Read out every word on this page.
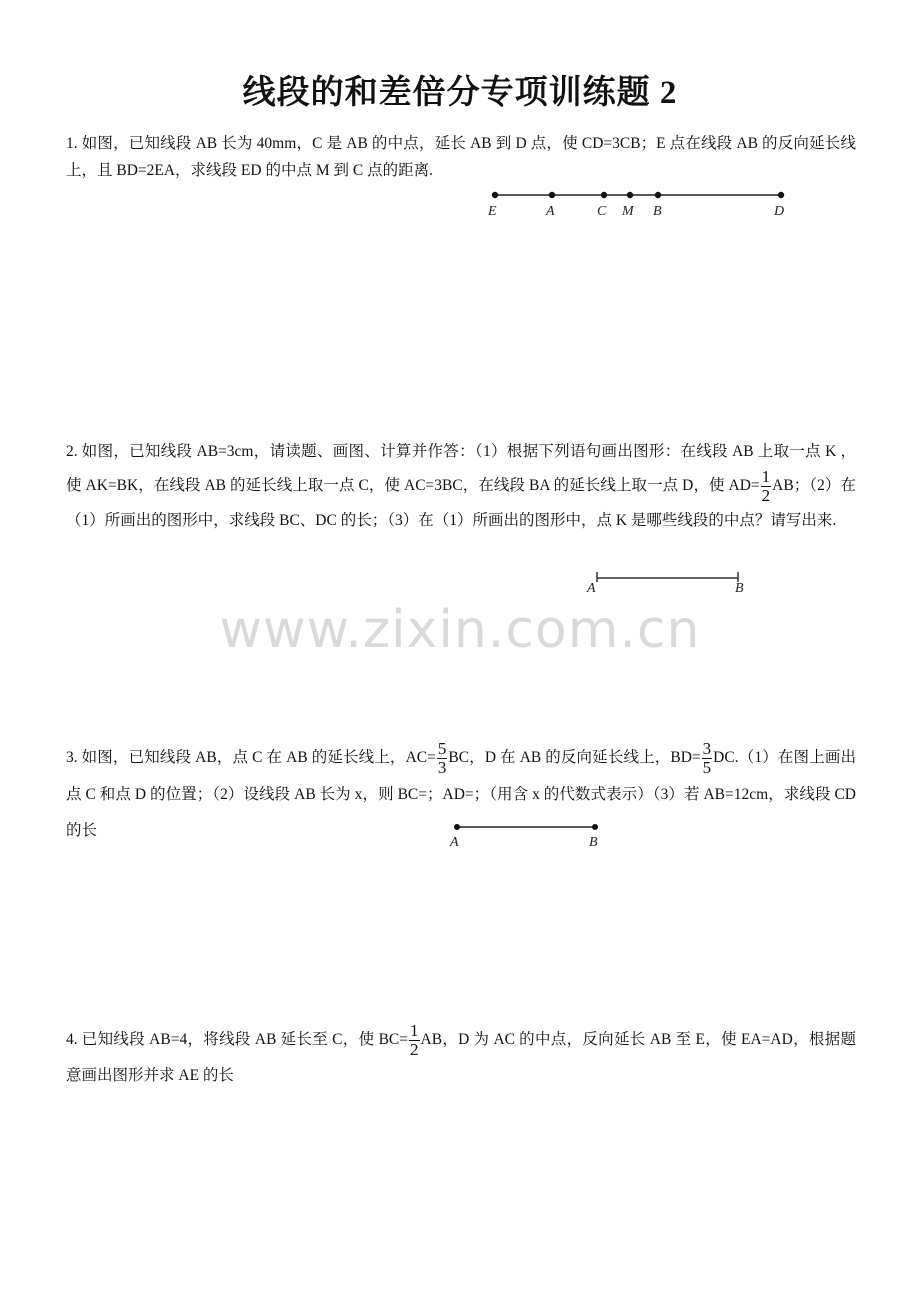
线段的和差倍分专项训练题 2
1. 如图，已知线段 AB 长为 40mm，C 是 AB 的中点，延长 AB 到 D 点，使 CD=3CB；E 点在线段 AB 的反向延长线上，且 BD=2EA，求线段 ED 的中点 M 到 C 点的距离.
E	A	C M B	D
2. 如图，已知线段 AB=3cm，请读题、画图、计算并作答：（1）根据下列语句画出图形：在线段 AB 上取一点 K ，使 AK=BK，在线段 AB 的延长线上取一点 C，使 AC=3BC，在线段 BA 的延长线上取一点 D，使 $AD= \frac{1}{2}$ AB；（2）在（1）所画出的图形中，求线段 BC、DC 的长；（3）在（1）所画出的图形中，点 K 是哪些线段的中点？请写出来.
A	B
www.zixin.com.cn
3. 如图，已知线段 AB，点 C 在 AB 的延长线上，$AC= \frac{5}{3}$ BC，D 在 AB 的反向延长线上，$BD= \frac{3}{5} DC.(1)$在图上画出点 C 和点 D 的位置；（2）设线段 AB 长为 x，则 BC=；AD=；（用含 x 的代数式表示）（3）若 AB=12cm，求线段 CD 的长
A	B
4. 已知线段 AB=4，将线段 AB 延长至 C，使 $BC= \frac{1}{2}$ AB，D 为 AC 的中点，反向延长 AB 至 E，使 EA=AD，根据题意画出图形并求 AE 的长
